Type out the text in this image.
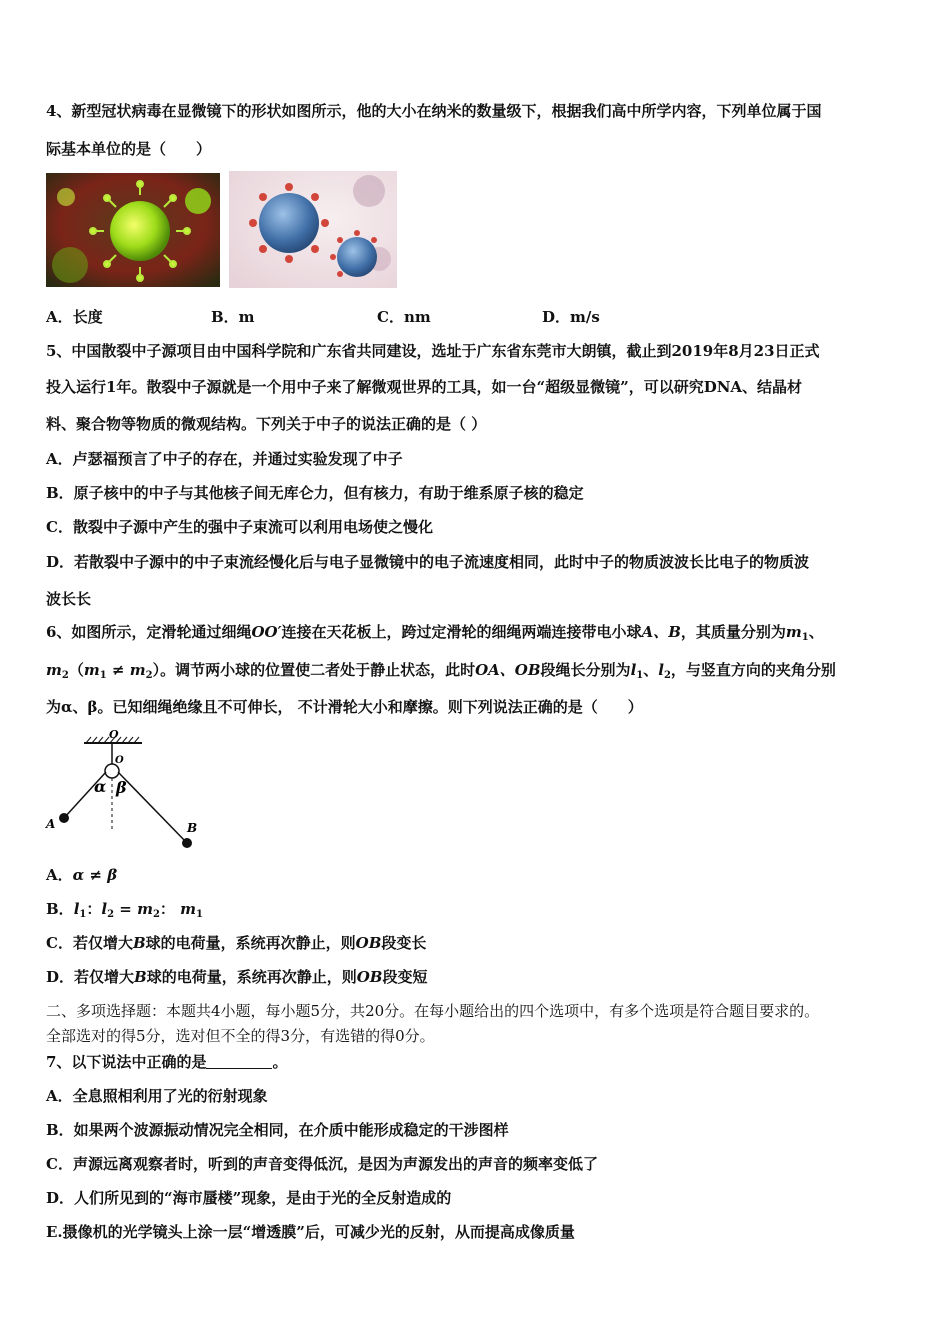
4、新型冠状病毒在显微镜下的形状如图所示，他的大小在纳米的数量级下，根据我们高中所学内容，下列单位属于国
际基本单位的是（　　）
A．长度	B．m	C．nm	D．m/s
5、中国散裂中子源项目由中国科学院和广东省共同建设，选址于广东省东莞市大朗镇，截止到2019年8月23日正式
投入运行1年。散裂中子源就是一个用中子来了解微观世界的工具，如一台“超级显微镜”，可以研究DNA、结晶材
料、聚合物等物质的微观结构。下列关于中子的说法正确的是（ ）
A．卢瑟福预言了中子的存在，并通过实验发现了中子
B．原子核中的中子与其他核子间无库仑力，但有核力，有助于维系原子核的稳定
C．散裂中子源中产生的强中子束流可以利用电场使之慢化
D．若散裂中子源中的中子束流经慢化后与电子显微镜中的电子流速度相同，此时中子的物质波波长比电子的物质波
波长长
6、如图所示，定滑轮通过细绳OO′连接在天花板上，跨过定滑轮的细绳两端连接带电小球A、B，其质量分别为$m_1$、
$m_2(m_1 \ne m_2)$。调节两小球的位置使二者处于静止状态，此时OA、OB段绳长分别为$l_1$、$l_2$，与竖直方向的夹角分别
为α、β。已知细绳绝缘且不可伸长， 不计滑轮大小和摩擦。则下列说法正确的是（　　）
O
O
α β
A	B
A．α ≠ β
B．$l_1$：$l_2 = m_2$： $m_1$
C．若仅增大B球的电荷量，系统再次静止，则OB段变长
D．若仅增大B球的电荷量，系统再次静止，则OB段变短
二、多项选择题：本题共4小题，每小题5分，共20分。在每小题给出的四个选项中，有多个选项是符合题目要求的。
全部选对的得5分，选对但不全的得3分，有选错的得0分。
7、以下说法中正确的是	。
A．全息照相利用了光的衍射现象
B．如果两个波源振动情况完全相同，在介质中能形成稳定的干涉图样
C．声源远离观察者时，听到的声音变得低沉，是因为声源发出的声音的频率变低了
D．人们所见到的“海市蜃楼”现象，是由于光的全反射造成的
E.摄像机的光学镜头上涂一层“增透膜”后，可减少光的反射，从而提高成像质量
